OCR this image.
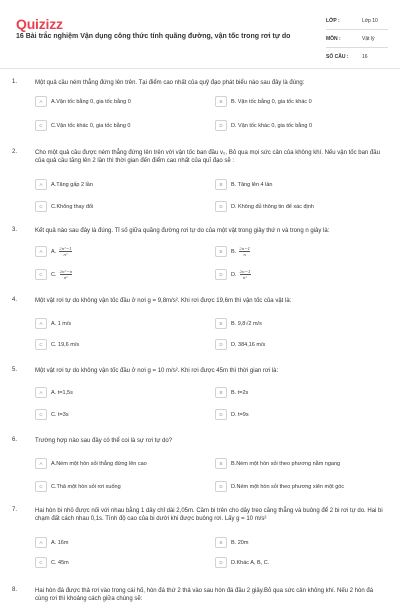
Quizizz
16 Bài trắc nghiệm Vận dụng công thức tính quãng đường, vận tốc trong rơi tự do
LỚP :	Lớp 10
MÔN :	Vật lý
SỐ CÂU :	16
1.	Một quả cầu ném thẳng đứng lên trên. Tại điểm cao nhất của quỹ đạo phát biểu nào sau đây là đúng:
A	A.Vận tốc bằng 0, gia tốc bằng 0	B	B. Vận tốc bằng 0, gia tốc khác 0
C	C.Vận tốc khác 0, gia tốc bằng 0	D	D. Vận tốc khác 0, gia tốc bằng 0
2.	Cho một quả cầu được ném thẳng đứng lên trên với vận tốc ban đầu v₀. Bỏ qua mọi sức cản của không khí. Nếu vận tốc ban đầu của quả cầu tăng lên 2 lần thì thời gian đến điểm cao nhất của quĩ đạo sẽ :
A	A.Tăng gấp 2 lần	B	B. Tăng lên 4 lần
C	C.Không thay đổi	D	D. Không đủ thông tin để xác định
3.	Kết quả nào sau đây là đúng. Tỉ số giữa quãng đường rơi tự do của một vật trong giây thứ n và trong n giây là:
A	A. $\frac{\text{2n²−1}}{\text{n²}}$	B	B. $\frac{2n-1}{n}$
C	C. $\frac{\text{2n²−n}}{\text{n²}}$	D	D. $\frac{2n-1}{\text{n²}}$
4.	Một vật rơi tự do không vận tốc đầu ở nơi g = 9,8m/s². Khi rơi được 19,6m thì vận tốc của vật là:
A	A. 1 m/s	B	B. 9,8√2 m/s
C	C. 19,6 m/s	D	D. 384,16 m/s
5.	Một vật rơi tự do không vận tốc đầu ở nơi g = 10 m/s². Khi rơi được 45m thì thời gian rơi là:
A	A. t=1,5s	B	B. t=2s
C	C. t=3s	D	D. t=9s
6.	Trường hợp nào sau đây có thể coi là sự rơi tự do?
A	A.Ném một hòn sỏi thẳng đứng lên cao	B	B.Ném một hòn sỏi theo phương nằm ngang
C	C.Thả một hòn sỏi rơi xuống	D	D.Ném một hòn sỏi theo phương xiên một góc
7.	Hai hòn bi nhỏ được nối với nhau bằng 1 dây chỉ dài 2,05m. Cầm bi trên cho dây treo căng thẳng và buông để 2 bi rơi tự do. Hai bi chạm đất cách nhau 0,1s. Tính độ cao của bi dưới khi được buông rơi. Lấy g = 10 m/s²
A	A. 16m	B	B. 20m
C	C. 45m	D	D.Khác A, B, C.
8.	Hai hòn đá được thả rơi vào trong cái hố, hòn đá thứ 2 thả vào sau hòn đá đầu 2 giây.Bỏ qua sức cản không khí. Nếu 2 hòn đá cùng rơi thì khoảng cách giữa chúng sẽ:
